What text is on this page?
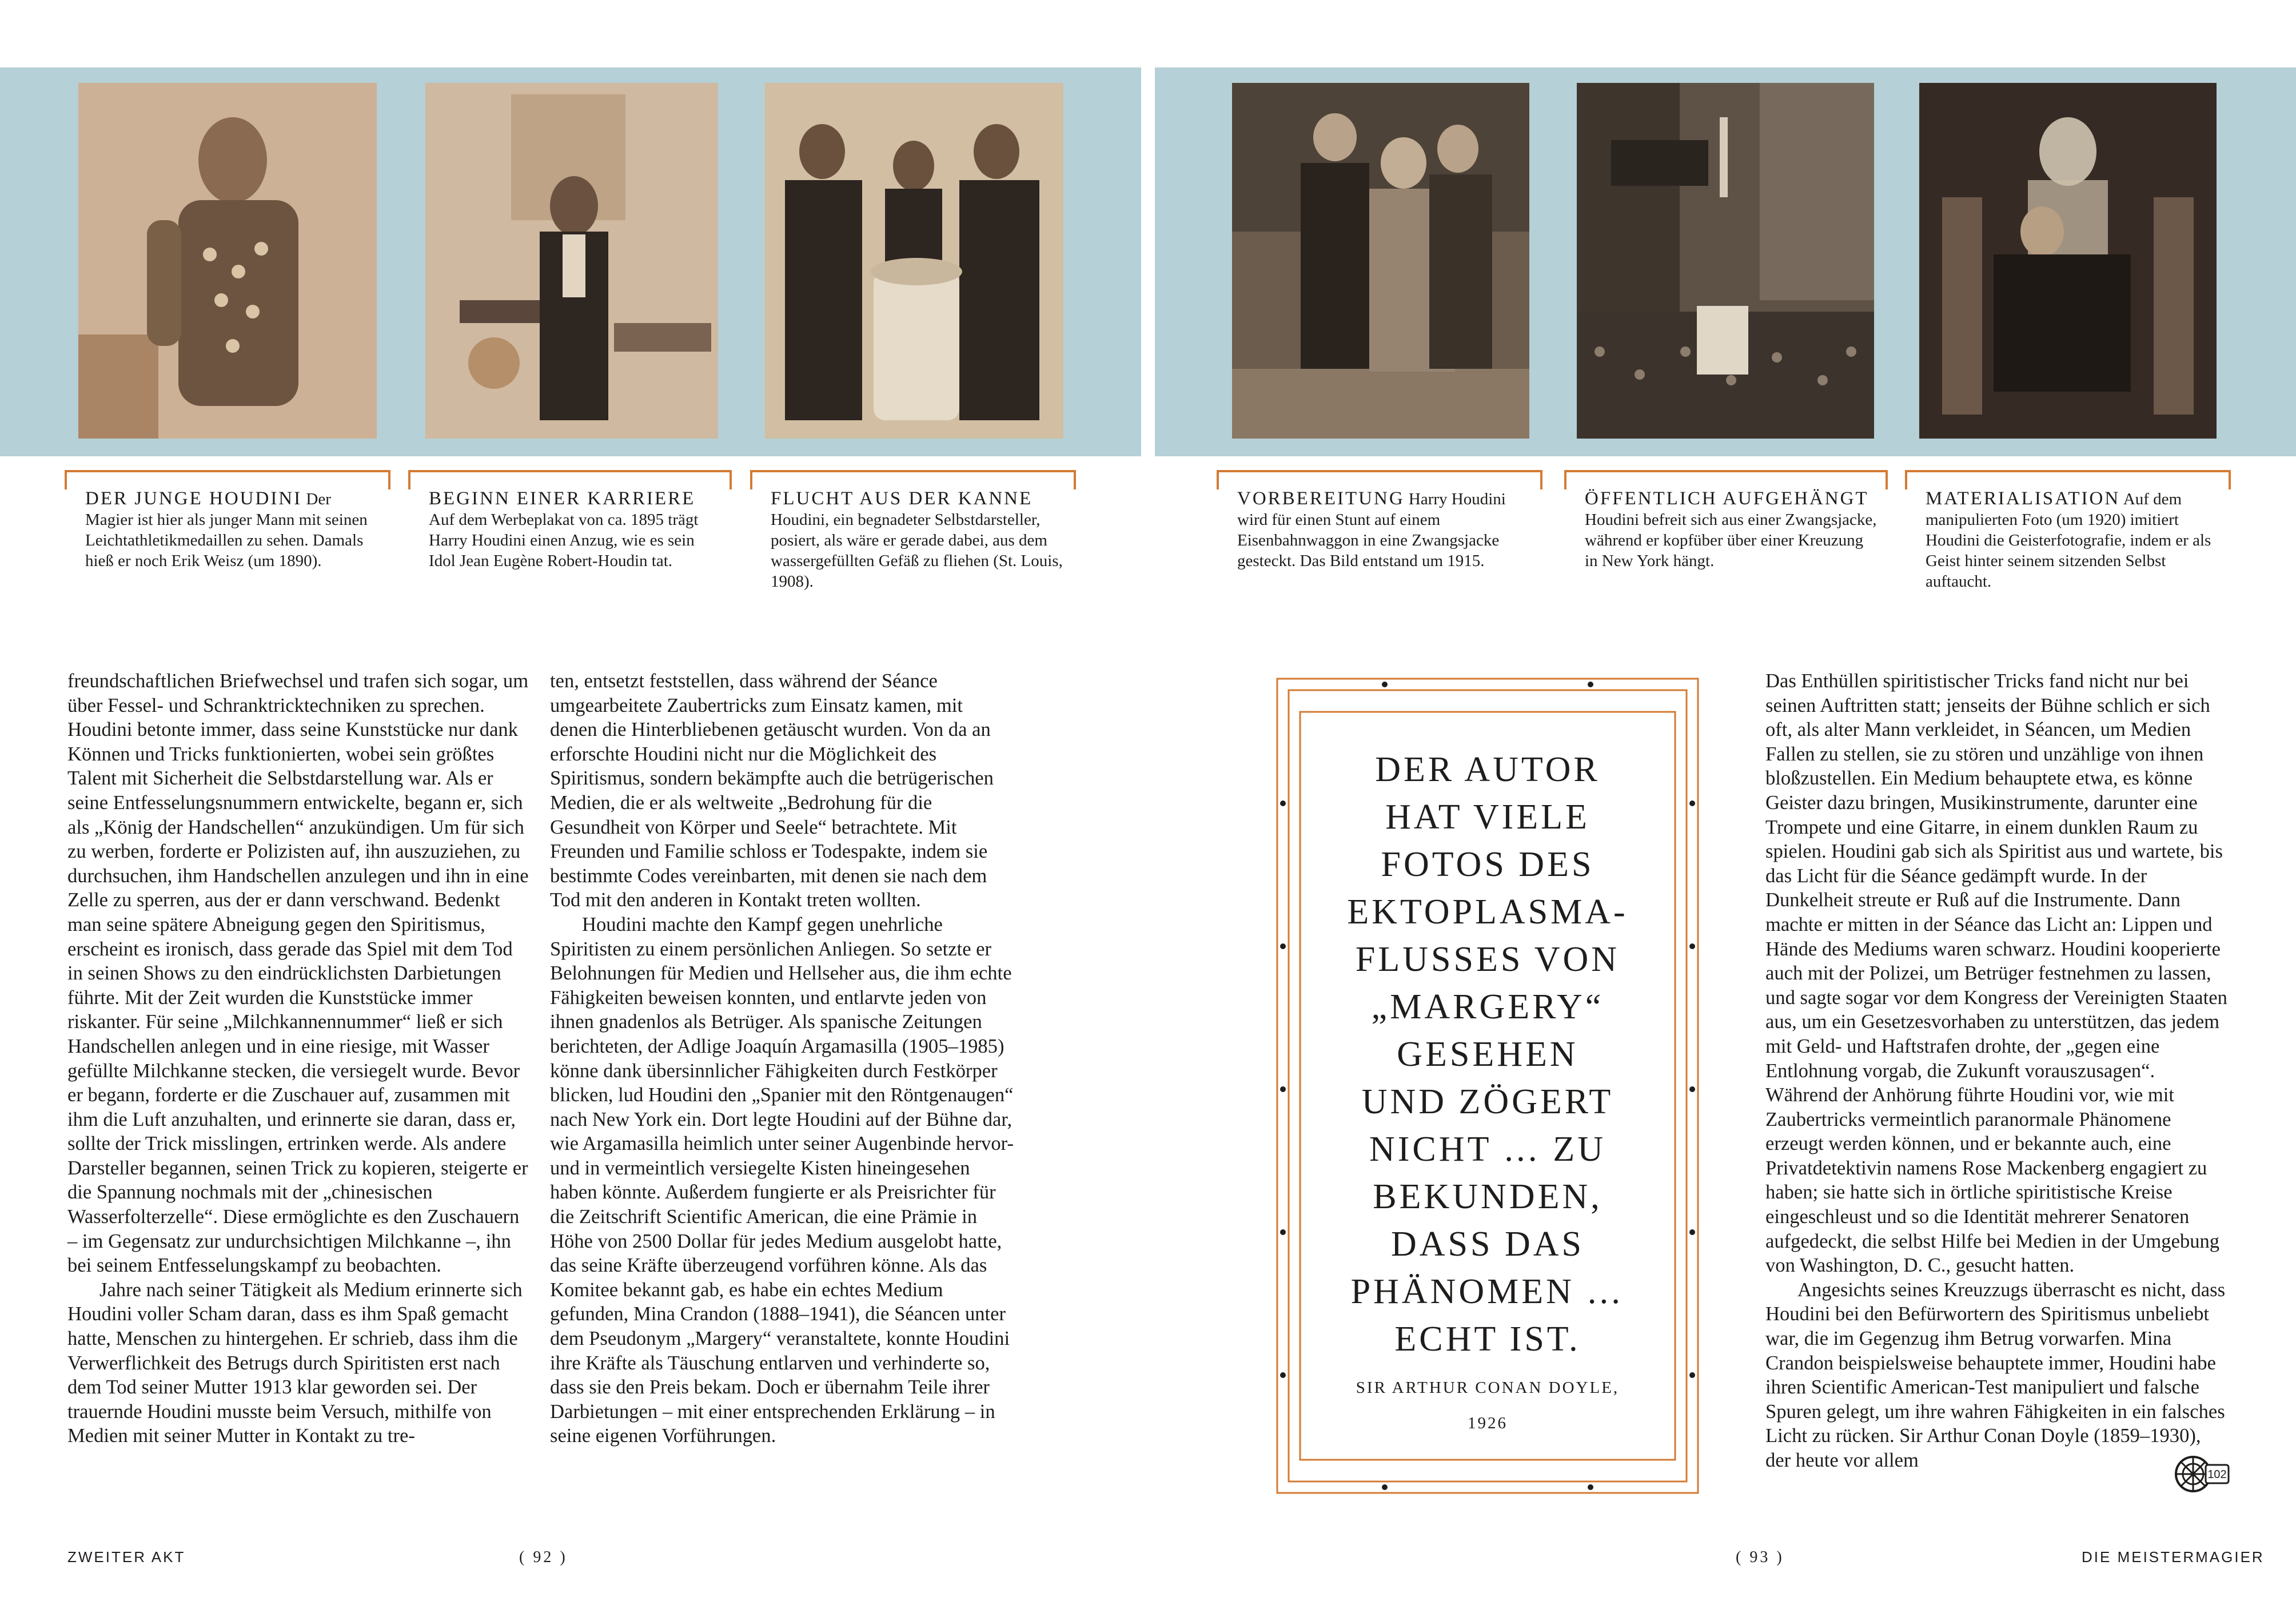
DER JUNGE HOUDINI Der Magier ist hier als junger Mann mit seinen Leichtathletikmedaillen zu sehen. Damals hieß er noch Erik Weisz (um 1890).

BEGINN EINER KARRIERE Auf dem Werbeplakat von ca. 1895 trägt Harry Houdini einen Anzug, wie es sein Idol Jean Eugène Robert-Houdin tat.

FLUCHT AUS DER KANNE Houdini, ein begnadeter Selbstdarsteller, posiert, als wäre er gerade dabei, aus dem wassergefüllten Gefäß zu fliehen (St. Louis, 1908).

VORBEREITUNG Harry Houdini wird für einen Stunt auf einem Eisenbahnwaggon in eine Zwangsjacke gesteckt. Das Bild entstand um 1915.

ÖFFENTLICH AUFGEHÄNGT Houdini befreit sich aus einer Zwangsjacke, während er kopfüber über einer Kreuzung in New York hängt.

MATERIALISATION Auf dem manipulierten Foto (um 1920) imitiert Houdini die Geisterfotografie, indem er als Geist hinter seinem sitzenden Selbst auftaucht.

freundschaftlichen Briefwechsel und trafen sich sogar, um über Fessel- und Schranktricktechniken zu sprechen. Houdini betonte immer, dass seine Kunststücke nur dank Können und Tricks funktionierten, wobei sein größtes Talent mit Sicherheit die Selbstdarstellung war. Als er seine Entfesselungsnummern entwickelte, begann er, sich als „König der Handschellen“ anzukündigen. Um für sich zu werben, forderte er Polizisten auf, ihn auszuziehen, zu durchsuchen, ihm Handschellen anzulegen und ihn in eine Zelle zu sperren, aus der er dann verschwand. Bedenkt man seine spätere Abneigung gegen den Spiritismus, erscheint es ironisch, dass gerade das Spiel mit dem Tod in seinen Shows zu den eindrücklichsten Darbietungen führte. Mit der Zeit wurden die Kunststücke immer riskanter. Für seine „Milchkannennummer“ ließ er sich Handschellen anlegen und in eine riesige, mit Wasser gefüllte Milchkanne stecken, die versiegelt wurde. Bevor er begann, forderte er die Zuschauer auf, zusammen mit ihm die Luft anzuhalten, und erinnerte sie daran, dass er, sollte der Trick misslingen, ertrinken werde. Als andere Darsteller begannen, seinen Trick zu kopieren, steigerte er die Spannung nochmals mit der „chinesischen Wasserfolterzelle“. Diese ermöglichte es den Zuschauern – im Gegensatz zur undurchsichtigen Milchkanne –, ihn bei seinem Entfesselungskampf zu beobachten.

Jahre nach seiner Tätigkeit als Medium erinnerte sich Houdini voller Scham daran, dass es ihm Spaß gemacht hatte, Menschen zu hintergehen. Er schrieb, dass ihm die Verwerflichkeit des Betrugs durch Spiritisten erst nach dem Tod seiner Mutter 1913 klar geworden sei. Der trauernde Houdini musste beim Versuch, mithilfe von Medien mit seiner Mutter in Kontakt zu tre-

ten, entsetzt feststellen, dass während der Séance umgearbeitete Zaubertricks zum Einsatz kamen, mit denen die Hinterbliebenen getäuscht wurden. Von da an erforschte Houdini nicht nur die Möglichkeit des Spiritismus, sondern bekämpfte auch die betrügerischen Medien, die er als weltweite „Bedrohung für die Gesundheit von Körper und Seele“ betrachtete. Mit Freunden und Familie schloss er Todespakte, indem sie bestimmte Codes vereinbarten, mit denen sie nach dem Tod mit den anderen in Kontakt treten wollten.

Houdini machte den Kampf gegen unehrliche Spiritisten zu einem persönlichen Anliegen. So setzte er Belohnungen für Medien und Hellseher aus, die ihm echte Fähigkeiten beweisen konnten, und entlarvte jeden von ihnen gnadenlos als Betrüger. Als spanische Zeitungen berichteten, der Adlige Joaquín Argamasilla (1905–1985) könne dank übersinnlicher Fähigkeiten durch Festkörper blicken, lud Houdini den „Spanier mit den Röntgenaugen“ nach New York ein. Dort legte Houdini auf der Bühne dar, wie Argamasilla heimlich unter seiner Augenbinde hervor- und in vermeintlich versiegelte Kisten hineingesehen haben könnte. Außerdem fungierte er als Preisrichter für die Zeitschrift Scientific American, die eine Prämie in Höhe von 2500 Dollar für jedes Medium ausgelobt hatte, das seine Kräfte überzeugend vorführen könne. Als das Komitee bekannt gab, es habe ein echtes Medium gefunden, Mina Crandon (1888–1941), die Séancen unter dem Pseudonym „Margery“ veranstaltete, konnte Houdini ihre Kräfte als Täuschung entlarven und verhinderte so, dass sie den Preis bekam. Doch er übernahm Teile ihrer Darbietungen – mit einer entsprechenden Erklärung – in seine eigenen Vorführungen.

Das Enthüllen spiritistischer Tricks fand nicht nur bei seinen Auftritten statt; jenseits der Bühne schlich er sich oft, als alter Mann verkleidet, in Séancen, um Medien Fallen zu stellen, sie zu stören und unzählige von ihnen bloßzustellen. Ein Medium behauptete etwa, es könne Geister dazu bringen, Musikinstrumente, darunter eine Trompete und eine Gitarre, in einem dunklen Raum zu spielen. Houdini gab sich als Spiritist aus und wartete, bis das Licht für die Séance gedämpft wurde. In der Dunkelheit streute er Ruß auf die Instrumente. Dann machte er mitten in der Séance das Licht an: Lippen und Hände des Mediums waren schwarz. Houdini kooperierte auch mit der Polizei, um Betrüger festnehmen zu lassen, und sagte sogar vor dem Kongress der Vereinigten Staaten aus, um ein Gesetzesvorhaben zu unterstützen, das jedem mit Geld- und Haftstrafen drohte, der „gegen eine Entlohnung vorgab, die Zukunft vorauszusagen“. Während der Anhörung führte Houdini vor, wie mit Zaubertricks vermeintlich paranormale Phänomene erzeugt werden können, und er bekannte auch, eine Privatdetektivin namens Rose Mackenberg engagiert zu haben; sie hatte sich in örtliche spiritistische Kreise eingeschleust und so die Identität mehrerer Senatoren aufgedeckt, die selbst Hilfe bei Medien in der Umgebung von Washington, D. C., gesucht hatten.

Angesichts seines Kreuzzugs überrascht es nicht, dass Houdini bei den Befürwortern des Spiritismus unbeliebt war, die im Gegenzug ihm Betrug vorwarfen. Mina Crandon beispielsweise behauptete immer, Houdini habe ihren Scientific American-Test manipuliert und falsche Spuren gelegt, um ihre wahren Fähigkeiten in ein falsches Licht zu rücken. Sir Arthur Conan Doyle (1859–1930), der heute vor allem

DER AUTOR
HAT VIELE
FOTOS DES
EKTOPLASMA-
FLUSSES VON
„MARGERY“
GESEHEN
UND ZÖGERT
NICHT … ZU
BEKUNDEN,
DASS DAS
PHÄNOMEN …
ECHT IST.
SIR ARTHUR CONAN DOYLE,
1926
102
ZWEITER AKT	( 92 )	( 93 )	DIE MEISTERMAGIER
